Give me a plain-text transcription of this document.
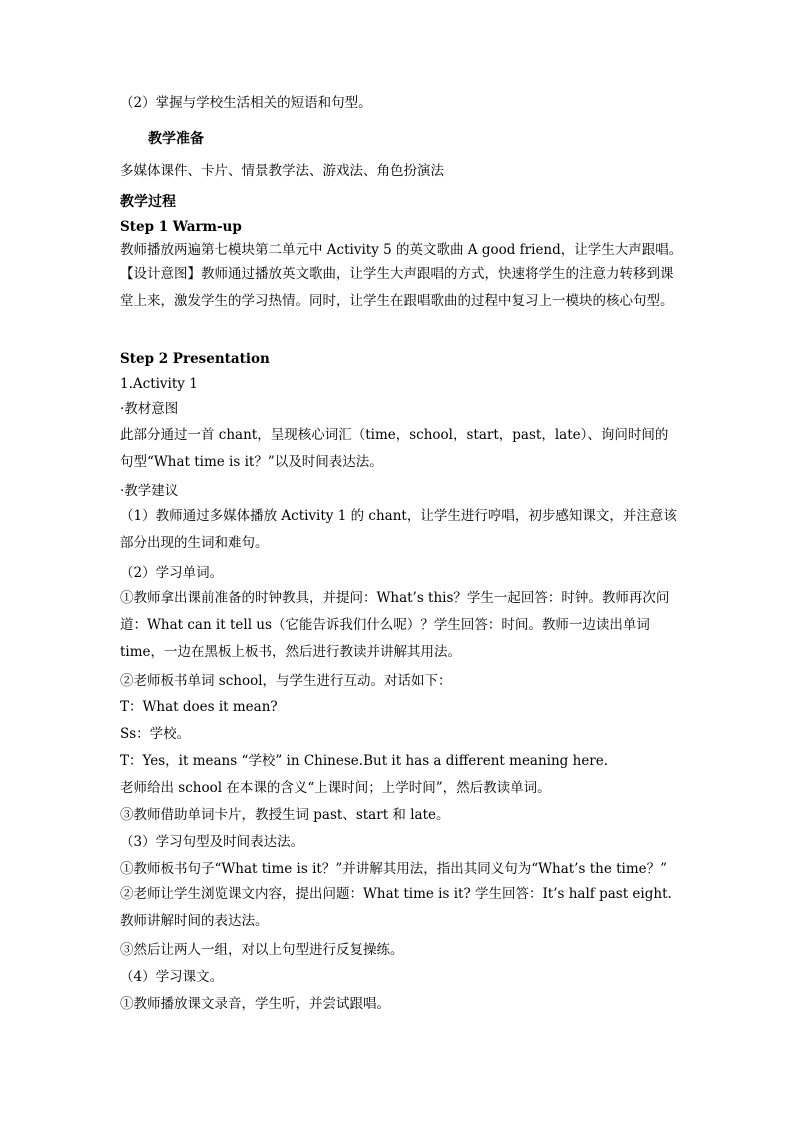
（2）掌握与学校生活相关的短语和句型。
教学准备
多媒体课件、卡片、情景教学法、游戏法、角色扮演法
教学过程
Step 1 Warm-up
教师播放两遍第七模块第二单元中 Activity 5 的英文歌曲 A good friend，让学生大声跟唱。
【设计意图】教师通过播放英文歌曲，让学生大声跟唱的方式，快速将学生的注意力转移到课堂上来，激发学生的学习热情。同时，让学生在跟唱歌曲的过程中复习上一模块的核心句型。
Step 2 Presentation
1.Activity 1
·教材意图
此部分通过一首 chant，呈现核心词汇（time，school，start，past，late）、询问时间的句型“What time is it？”以及时间表达法。
·教学建议
（1）教师通过多媒体播放 Activity 1 的 chant，让学生进行哼唱，初步感知课文，并注意该部分出现的生词和难句。
（2）学习单词。
①教师拿出课前准备的时钟教具，并提问：What’s this？学生一起回答：时钟。教师再次问道：What can it tell us（它能告诉我们什么呢）？学生回答：时间。教师一边读出单词 time，一边在黑板上板书，然后进行教读并讲解其用法。
②老师板书单词 school，与学生进行互动。对话如下：
T：What does it mean?
Ss：学校。
T：Yes，it means “学校” in Chinese.But it has a different meaning here.
老师给出 school 在本课的含义“上课时间；上学时间”，然后教读单词。
③教师借助单词卡片，教授生词 past、start 和 late。
（3）学习句型及时间表达法。
①教师板书句子“What time is it？”并讲解其用法，指出其同义句为“What’s the time？”
②老师让学生浏览课文内容，提出问题：What time is it? 学生回答：It’s half past eight.教师讲解时间的表达法。
③然后让两人一组，对以上句型进行反复操练。
（4）学习课文。
①教师播放课文录音，学生听，并尝试跟唱。
